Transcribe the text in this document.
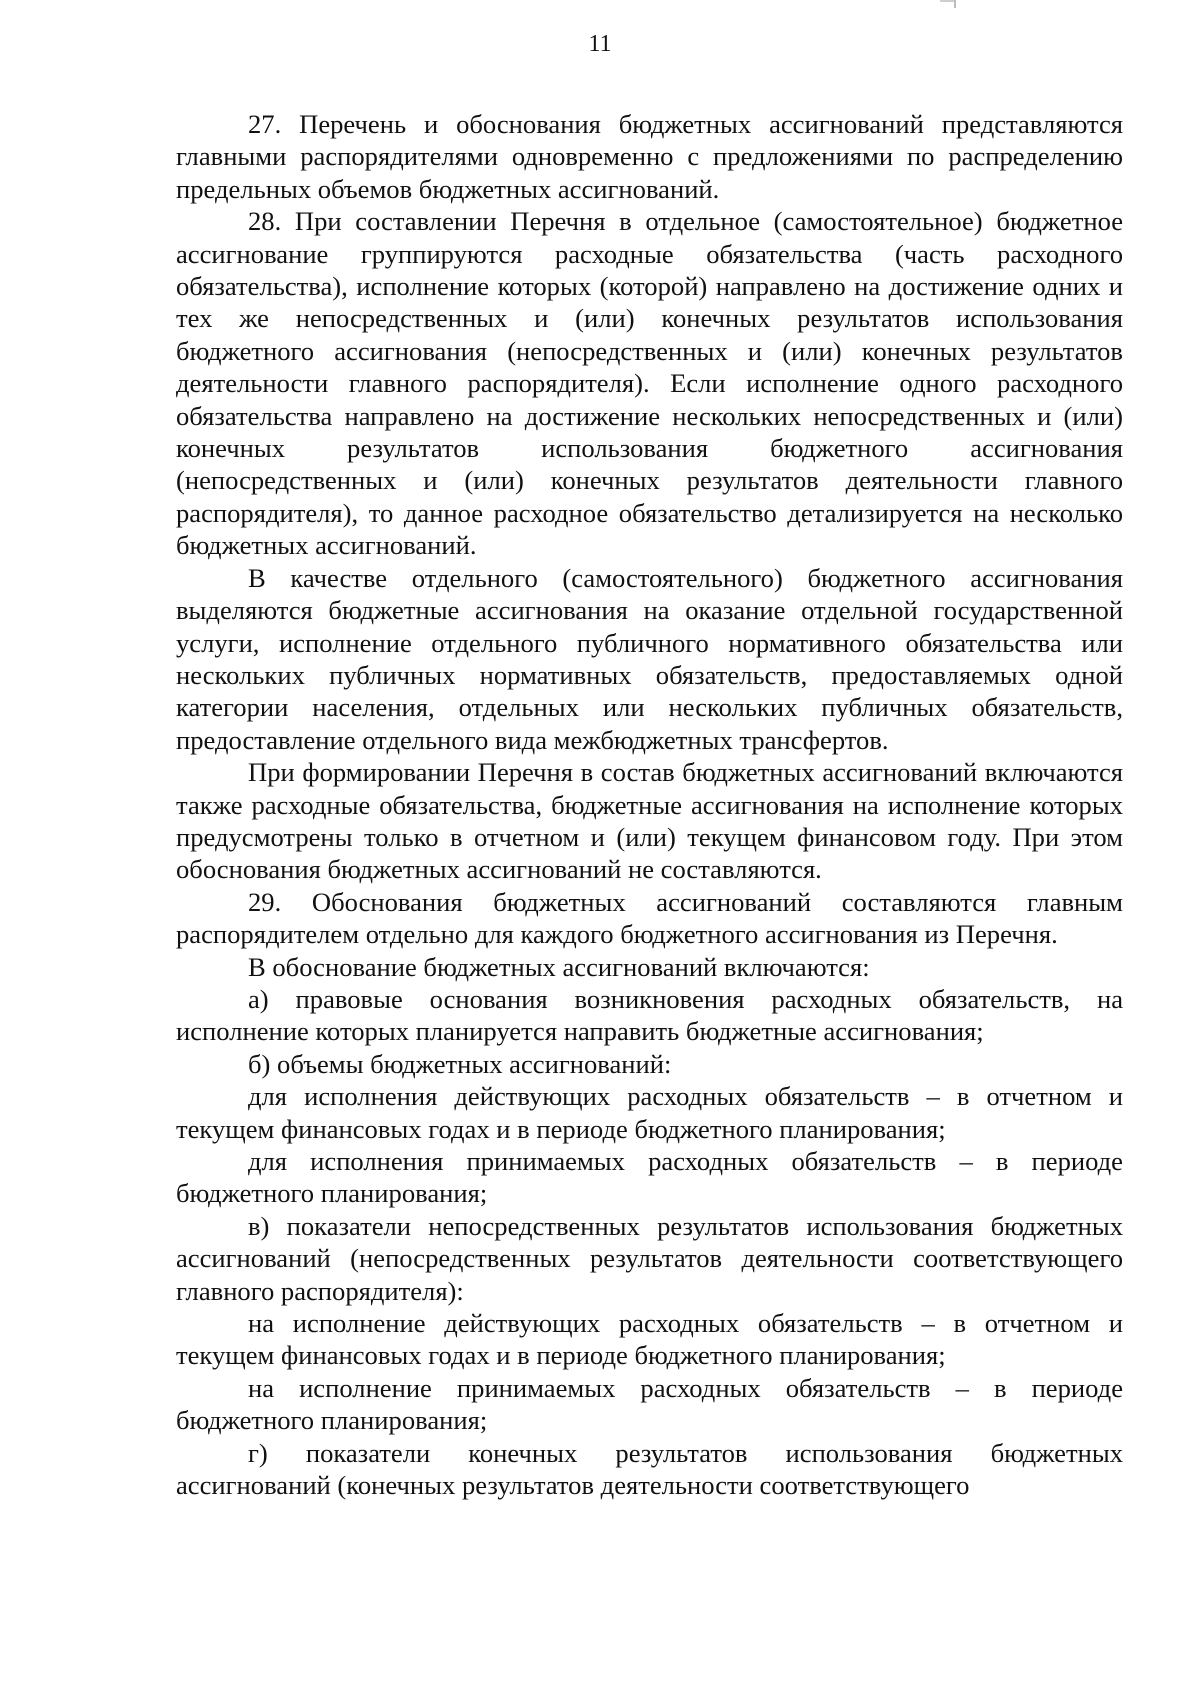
11

27. Перечень и обоснования бюджетных ассигнований представляются главными распорядителями одновременно с предложениями по распределению предельных объемов бюджетных ассигнований.

28. При составлении Перечня в отдельное (самостоятельное) бюджетное ассигнование группируются расходные обязательства (часть расходного обязательства), исполнение которых (которой) направлено на достижение одних и тех же непосредственных и (или) конечных результатов использования бюджетного ассигнования (непосредственных и (или) конечных результатов деятельности главного распорядителя). Если исполнение одного расходного обязательства направлено на достижение нескольких непосредственных и (или) конечных результатов использования бюджетного ассигнования (непосредственных и (или) конечных результатов деятельности главного распорядителя), то данное расходное обязательство детализируется на несколько бюджетных ассигнований.

В качестве отдельного (самостоятельного) бюджетного ассигнования выделяются бюджетные ассигнования на оказание отдельной государственной услуги, исполнение отдельного публичного нормативного обязательства или нескольких публичных нормативных обязательств, предоставляемых одной категории населения, отдельных или нескольких публичных обязательств, предоставление отдельного вида межбюджетных трансфертов.

При формировании Перечня в состав бюджетных ассигнований включаются также расходные обязательства, бюджетные ассигнования на исполнение которых предусмотрены только в отчетном и (или) текущем финансовом году. При этом обоснования бюджетных ассигнований не составляются.

29. Обоснования бюджетных ассигнований составляются главным распорядителем отдельно для каждого бюджетного ассигнования из Перечня.

В обоснование бюджетных ассигнований включаются:

а) правовые основания возникновения расходных обязательств, на исполнение которых планируется направить бюджетные ассигнования;

б) объемы бюджетных ассигнований:

для исполнения действующих расходных обязательств – в отчетном и текущем финансовых годах и в периоде бюджетного планирования;

для исполнения принимаемых расходных обязательств – в периоде бюджетного планирования;

в) показатели непосредственных результатов использования бюджетных ассигнований (непосредственных результатов деятельности соответствующего главного распорядителя):

на исполнение действующих расходных обязательств – в отчетном и текущем финансовых годах и в периоде бюджетного планирования;

на исполнение принимаемых расходных обязательств – в периоде бюджетного планирования;

г) показатели конечных результатов использования бюджетных ассигнований (конечных результатов деятельности соответствующего
